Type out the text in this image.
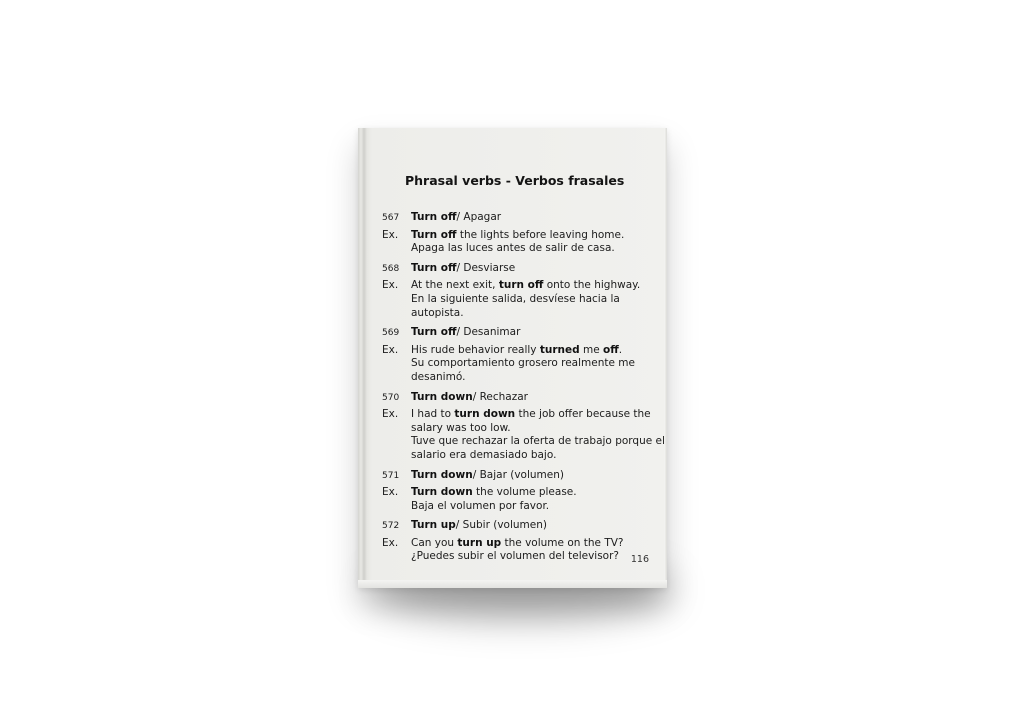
Phrasal verbs - Verbos frasales
567	Turn off/ Apagar
Ex.	Turn off the lights before leaving home.
Apaga las luces antes de salir de casa.
568	Turn off/ Desviarse
Ex.	At the next exit, turn off onto the highway.
En la siguiente salida, desvíese hacia la autopista.
569	Turn off/ Desanimar
Ex.	His rude behavior really turned me off.
Su comportamiento grosero realmente me desanimó.
570	Turn down/ Rechazar
Ex.	I had to turn down the job offer because the salary was too low.
Tuve que rechazar la oferta de trabajo porque el salario era demasiado bajo.
571	Turn down/ Bajar (volumen)
Ex.	Turn down the volume please.
Baja el volumen por favor.
572	Turn up/ Subir (volumen)
Ex.	Can you turn up the volume on the TV?
¿Puedes subir el volumen del televisor?	116
